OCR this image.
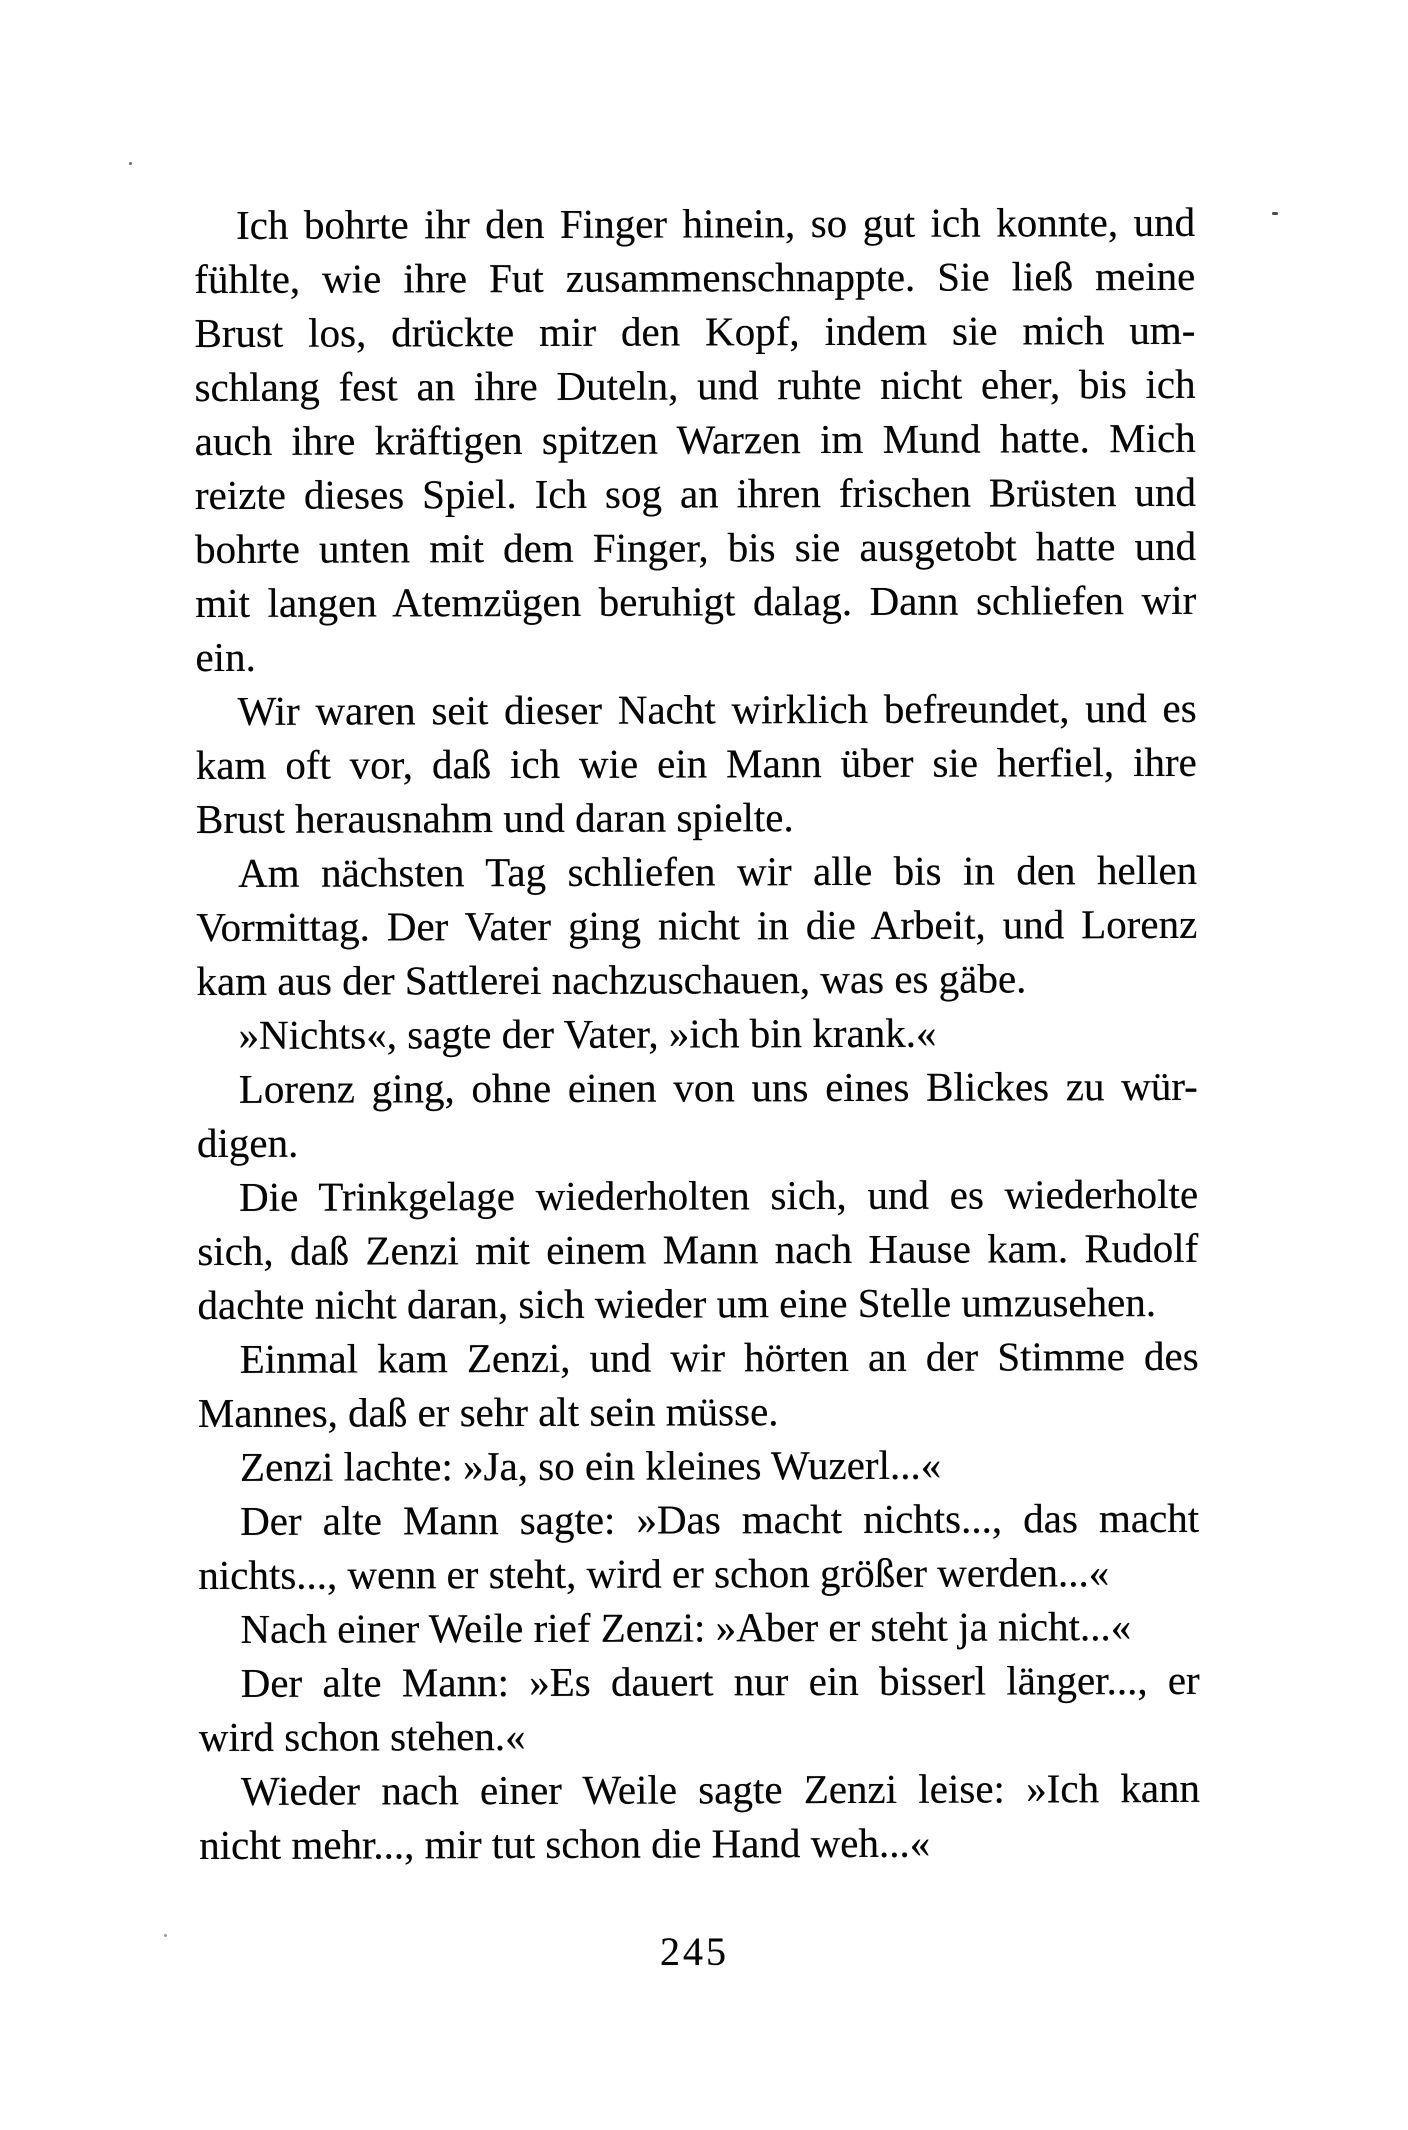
Ich bohrte ihr den Finger hinein, so gut ich konnte, und
fühlte, wie ihre Fut zusammenschnappte. Sie ließ meine
Brust los, drückte mir den Kopf, indem sie mich um-
schlang fest an ihre Duteln, und ruhte nicht eher, bis ich
auch ihre kräftigen spitzen Warzen im Mund hatte. Mich
reizte dieses Spiel. Ich sog an ihren frischen Brüsten und
bohrte unten mit dem Finger, bis sie ausgetobt hatte und
mit langen Atemzügen beruhigt dalag. Dann schliefen wir
ein.
Wir waren seit dieser Nacht wirklich befreundet, und es
kam oft vor, daß ich wie ein Mann über sie herfiel, ihre
Brust herausnahm und daran spielte.
Am nächsten Tag schliefen wir alle bis in den hellen
Vormittag. Der Vater ging nicht in die Arbeit, und Lorenz
kam aus der Sattlerei nachzuschauen, was es gäbe.
»Nichts«, sagte der Vater, »ich bin krank.«
Lorenz ging, ohne einen von uns eines Blickes zu wür-
digen.
Die Trinkgelage wiederholten sich, und es wiederholte
sich, daß Zenzi mit einem Mann nach Hause kam. Rudolf
dachte nicht daran, sich wieder um eine Stelle umzusehen.
Einmal kam Zenzi, und wir hörten an der Stimme des
Mannes, daß er sehr alt sein müsse.
Zenzi lachte: »Ja, so ein kleines Wuzerl...«
Der alte Mann sagte: »Das macht nichts..., das macht
nichts..., wenn er steht, wird er schon größer werden...«
Nach einer Weile rief Zenzi: »Aber er steht ja nicht...«
Der alte Mann: »Es dauert nur ein bisserl länger..., er
wird schon stehen.«
Wieder nach einer Weile sagte Zenzi leise: »Ich kann
nicht mehr..., mir tut schon die Hand weh...«
245
